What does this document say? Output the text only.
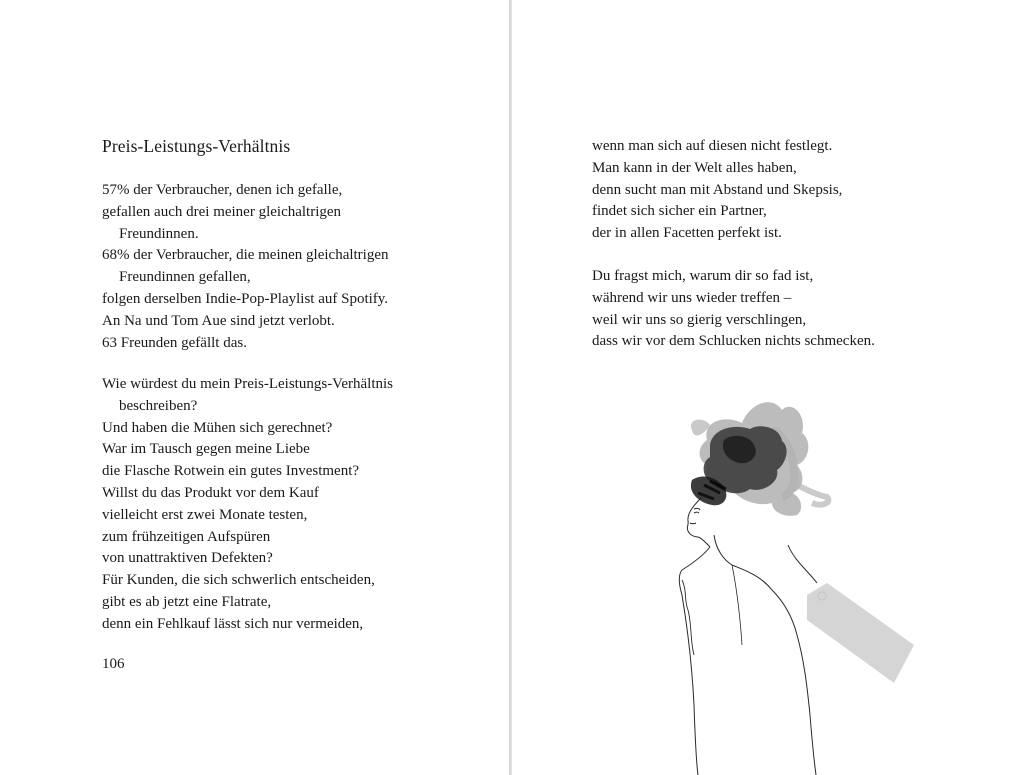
Preis-Leistungs-Verhältnis
57% der Verbraucher, denen ich gefalle,
gefallen auch drei meiner gleichaltrigen
Freundinnen.
68% der Verbraucher, die meinen gleichaltrigen
Freundinnen gefallen,
folgen derselben Indie-Pop-Playlist auf Spotify.
An Na und Tom Aue sind jetzt verlobt.
63 Freunden gefällt das.
Wie würdest du mein Preis-Leistungs-Verhältnis
beschreiben?
Und haben die Mühen sich gerechnet?
War im Tausch gegen meine Liebe
die Flasche Rotwein ein gutes Investment?
Willst du das Produkt vor dem Kauf
vielleicht erst zwei Monate testen,
zum frühzeitigen Aufspüren
von unattraktiven Defekten?
Für Kunden, die sich schwerlich entscheiden,
gibt es ab jetzt eine Flatrate,
denn ein Fehlkauf lässt sich nur vermeiden,
106
wenn man sich auf diesen nicht festlegt.
Man kann in der Welt alles haben,
denn sucht man mit Abstand und Skepsis,
findet sich sicher ein Partner,
der in allen Facetten perfekt ist.
Du fragst mich, warum dir so fad ist,
während wir uns wieder treffen –
weil wir uns so gierig verschlingen,
dass wir vor dem Schlucken nichts schmecken.
